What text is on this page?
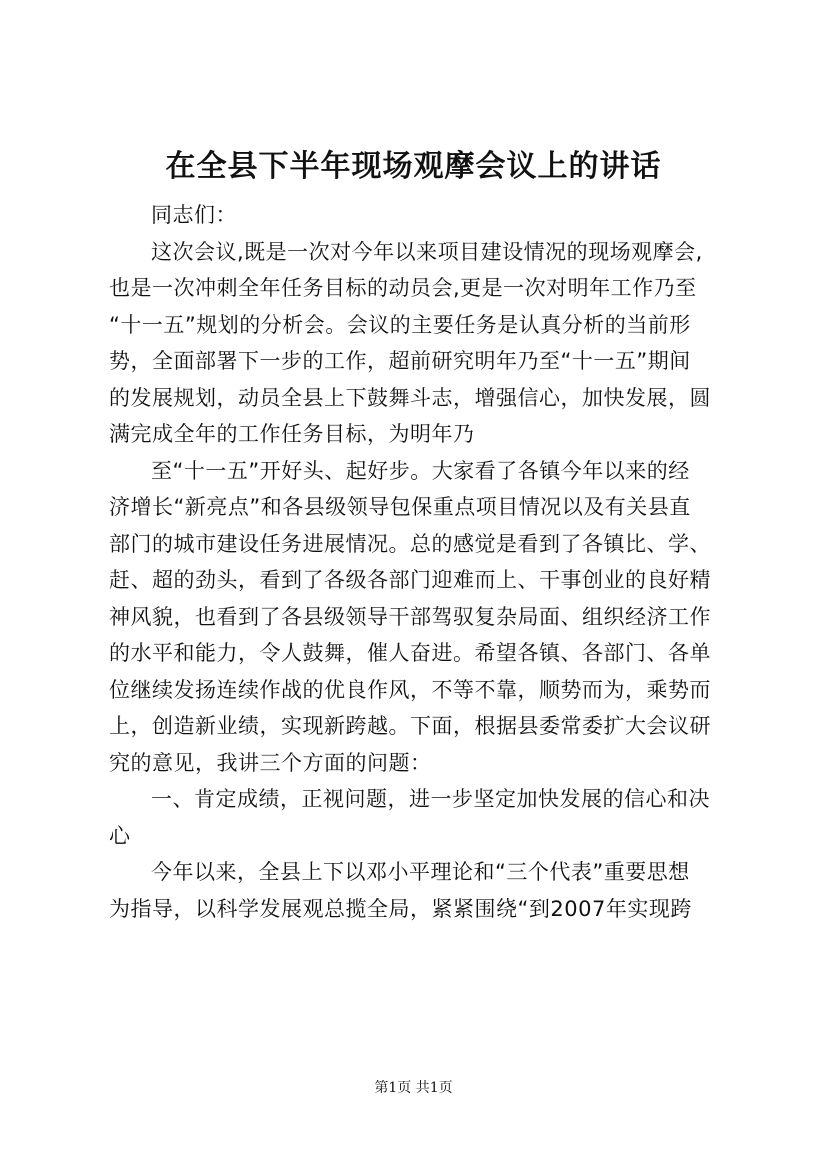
在全县下半年现场观摩会议上的讲话
同志们：
这次会议,既是一次对今年以来项目建设情况的现场观摩会,
也是一次冲刺全年任务目标的动员会,更是一次对明年工作乃至
“十一五”规划的分析会。会议的主要任务是认真分析的当前形
势，全面部署下一步的工作，超前研究明年乃至“十一五”期间
的发展规划，动员全县上下鼓舞斗志，增强信心，加快发展，圆
满完成全年的工作任务目标，为明年乃
至“十一五”开好头、起好步。大家看了各镇今年以来的经
济增长“新亮点”和各县级领导包保重点项目情况以及有关县直
部门的城市建设任务进展情况。总的感觉是看到了各镇比、学、
赶、超的劲头，看到了各级各部门迎难而上、干事创业的良好精
神风貌，也看到了各县级领导干部驾驭复杂局面、组织经济工作
的水平和能力，令人鼓舞，催人奋进。希望各镇、各部门、各单
位继续发扬连续作战的优良作风，不等不靠，顺势而为，乘势而
上，创造新业绩，实现新跨越。下面，根据县委常委扩大会议研
究的意见，我讲三个方面的问题：
一、肯定成绩，正视问题，进一步坚定加快发展的信心和决
心
今年以来，全县上下以邓小平理论和“三个代表”重要思想
为指导，以科学发展观总揽全局，紧紧围绕“到2007年实现跨
第1页 共1页
